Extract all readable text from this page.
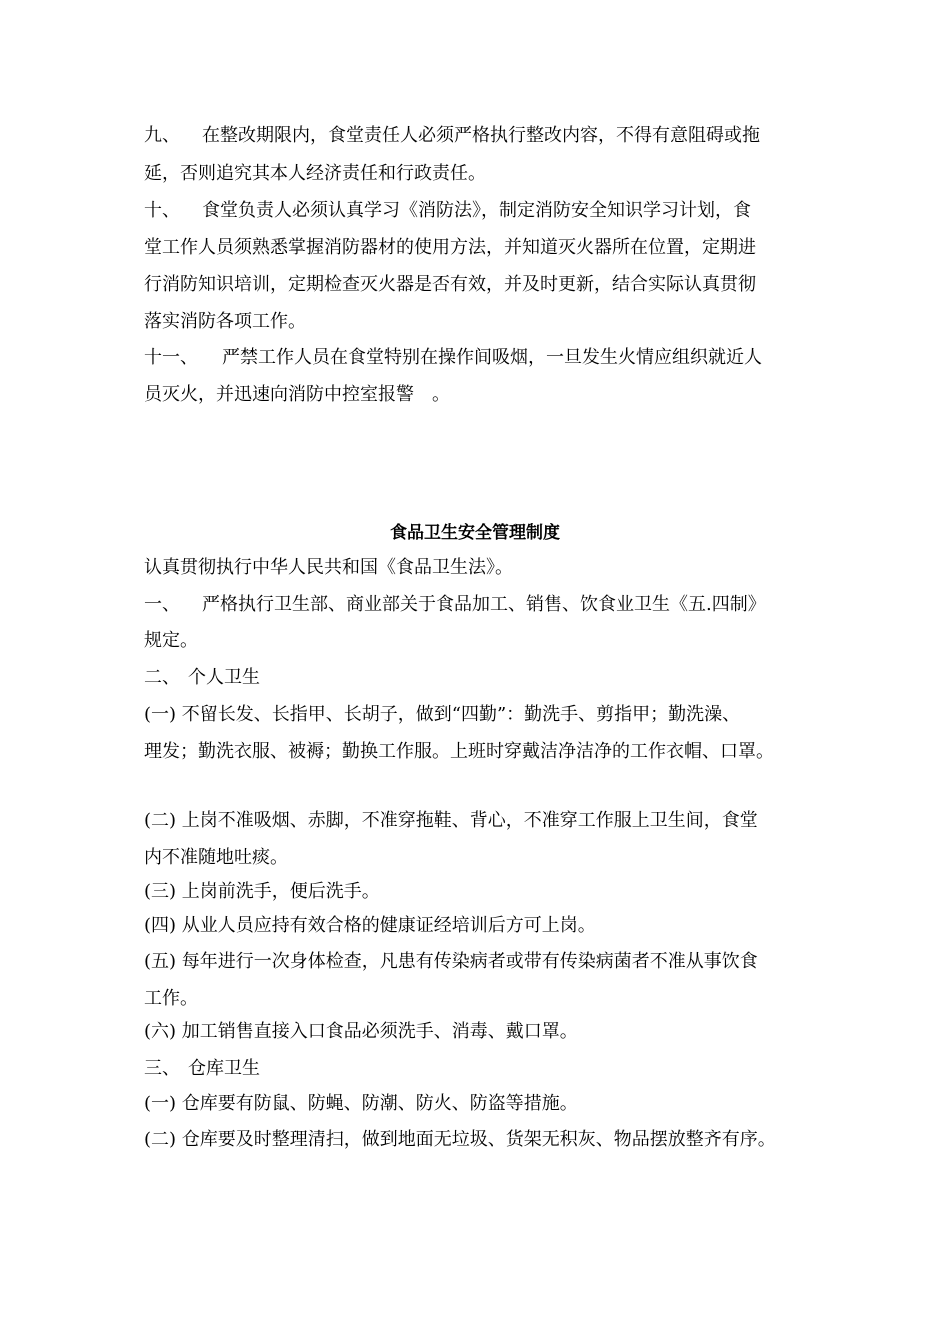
九、 在整改期限内，食堂责任人必须严格执行整改内容，不得有意阻碍或拖
延，否则追究其本人经济责任和行政责任。
十、 食堂负责人必须认真学习《消防法》，制定消防安全知识学习计划，食
堂工作人员须熟悉掌握消防器材的使用方法，并知道灭火器所在位置，定期进
行消防知识培训，定期检查灭火器是否有效，并及时更新，结合实际认真贯彻
落实消防各项工作。
十一、 严禁工作人员在食堂特别在操作间吸烟，一旦发生火情应组织就近人
员灭火，并迅速向消防中控室报警　。
食品卫生安全管理制度
认真贯彻执行中华人民共和国《食品卫生法》。
一、 严格执行卫生部、商业部关于食品加工、销售、饮食业卫生《五.四制》
规定。
二、 个人卫生
(一) 不留长发、长指甲、长胡子，做到“四勤”：勤洗手、剪指甲；勤洗澡、
理发；勤洗衣服、被褥；勤换工作服。上班时穿戴洁净洁净的工作衣帽、口罩。
(二) 上岗不准吸烟、赤脚，不准穿拖鞋、背心，不准穿工作服上卫生间，食堂
内不准随地吐痰。
(三) 上岗前洗手，便后洗手。
(四) 从业人员应持有效合格的健康证经培训后方可上岗。
(五) 每年进行一次身体检查，凡患有传染病者或带有传染病菌者不准从事饮食
工作。
(六) 加工销售直接入口食品必须洗手、消毒、戴口罩。
三、 仓库卫生
(一) 仓库要有防鼠、防蝇、防潮、防火、防盗等措施。
(二) 仓库要及时整理清扫，做到地面无垃圾、货架无积灰、物品摆放整齐有序。
